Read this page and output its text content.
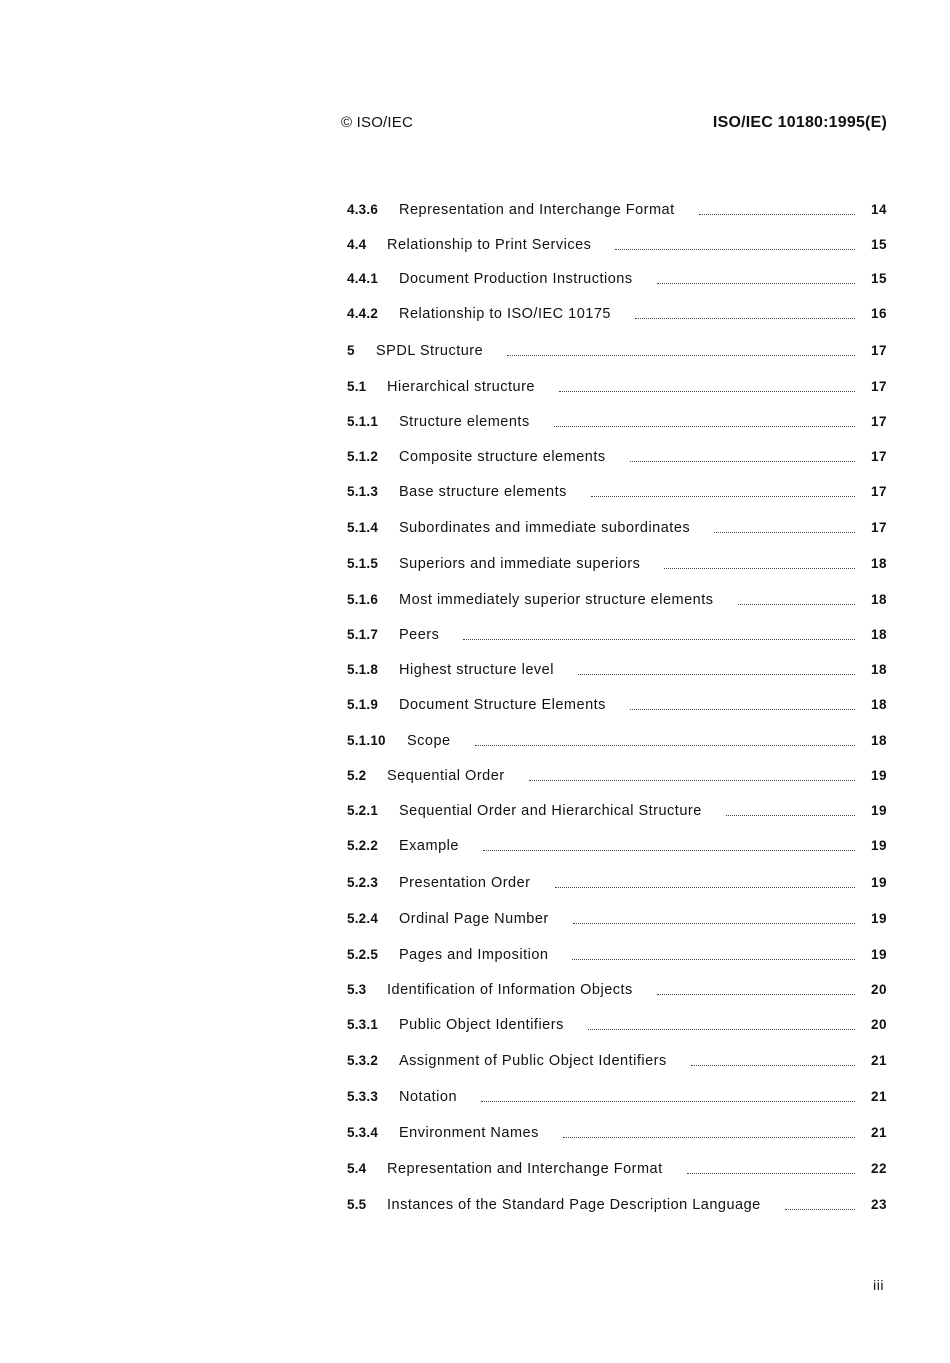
© ISO/IEC	ISO/IEC 10180:1995(E)
4.3.6	Representation and Interchange Format	14
4.4	Relationship to Print Services	15
4.4.1	Document Production Instructions	15
4.4.2	Relationship to ISO/IEC 10175	16
5	SPDL Structure	17
5.1	Hierarchical structure	17
5.1.1	Structure elements	17
5.1.2	Composite structure elements	17
5.1.3	Base structure elements	17
5.1.4	Subordinates and immediate subordinates	17
5.1.5	Superiors and immediate superiors	18
5.1.6	Most immediately superior structure elements	18
5.1.7	Peers	18
5.1.8	Highest structure level	18
5.1.9	Document Structure Elements	18
5.1.10	Scope	18
5.2	Sequential Order	19
5.2.1	Sequential Order and Hierarchical Structure	19
5.2.2	Example	19
5.2.3	Presentation Order	19
5.2.4	Ordinal Page Number	19
5.2.5	Pages and Imposition	19
5.3	Identification of Information Objects	20
5.3.1	Public Object Identifiers	20
5.3.2	Assignment of Public Object Identifiers	21
5.3.3	Notation	21
5.3.4	Environment Names	21
5.4	Representation and Interchange Format	22
5.5	Instances of the Standard Page Description Language	23
iii
